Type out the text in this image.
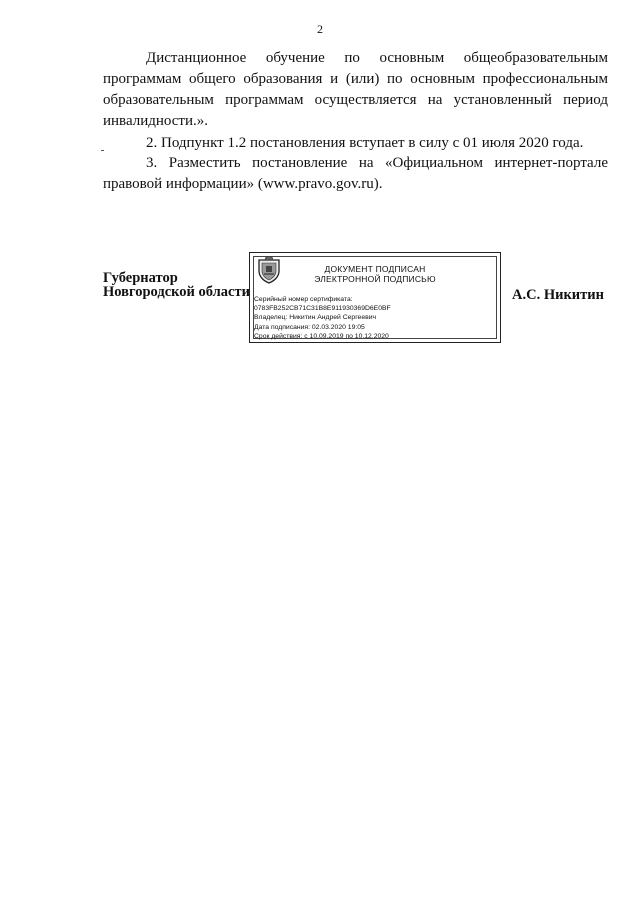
2
Дистанционное обучение по основным общеобразовательным программам общего образования и (или) по основным профессиональным образовательным программам осуществляется на установленный период инвалидности.».
2. Подпункт 1.2 постановления вступает в силу с 01 июля 2020 года.
3. Разместить постановление на «Официальном интернет-портале правовой информации» (www.pravo.gov.ru).
Губернатор
Новгородской области
ДОКУМЕНТ ПОДПИСАН
ЭЛЕКТРОННОЙ ПОДПИСЬЮ
Серийный номер сертификата:
0783FB252CB71C31B8E911930369D6E0BF
Владелец: Никитин Андрей Сергеевич
Дата подписания: 02.03.2020 19:05
Срок действия: с 10.09.2019 по 10.12.2020
А.С. Никитин
